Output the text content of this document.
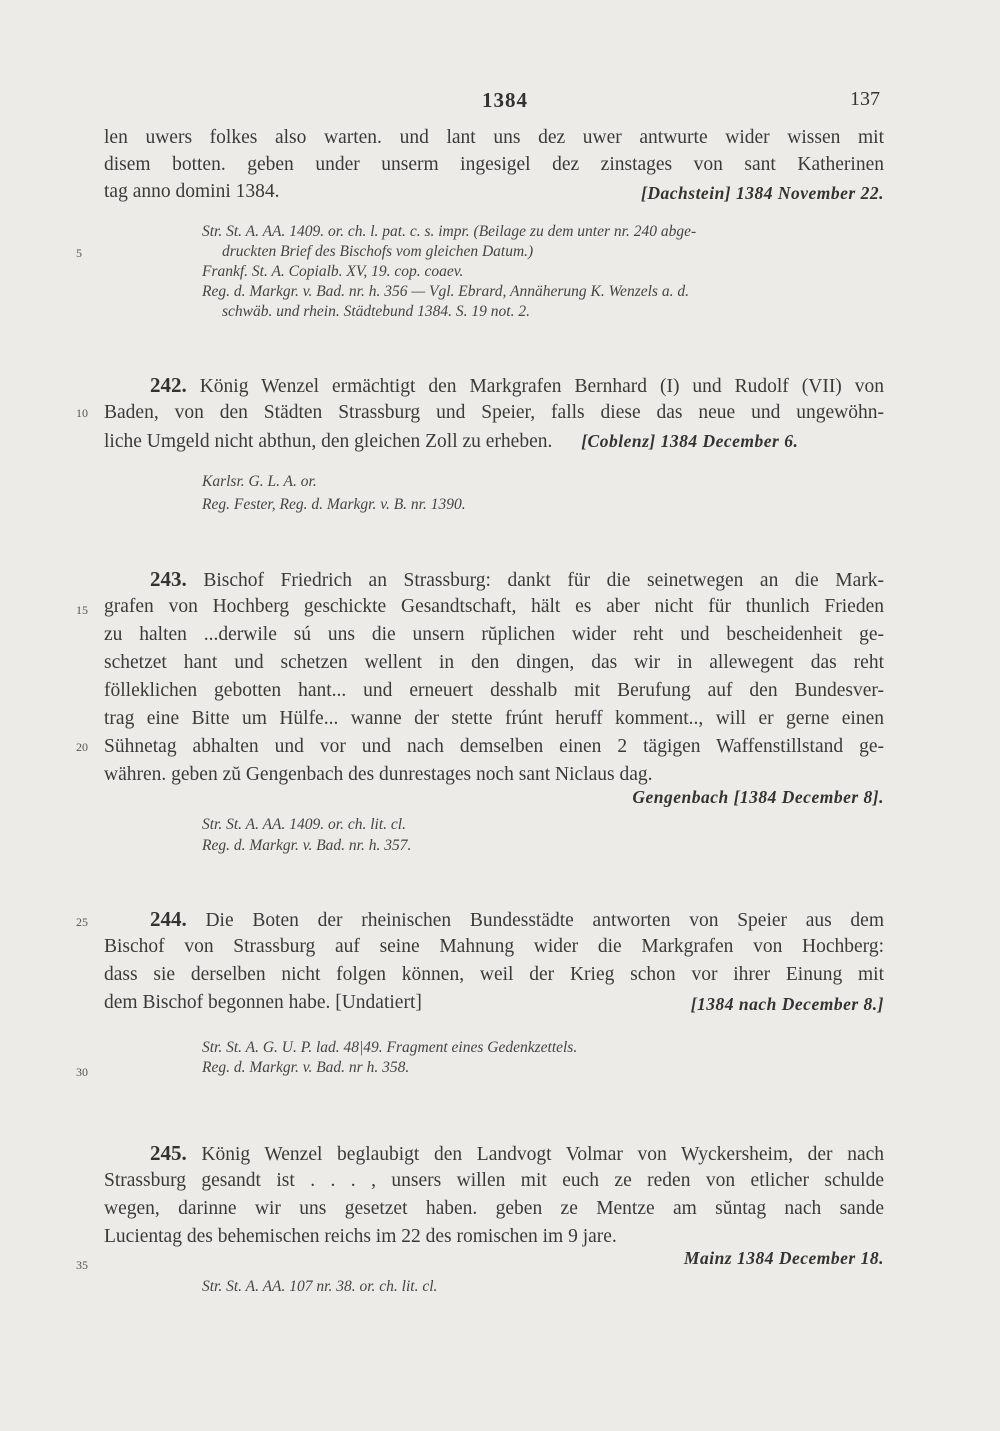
1384	137
5
10
15
20
25
30
35
len uwers folkes also warten. und lant uns dez uwer antwurte wider wissen mit
disem botten. geben under unserm ingesigel dez zinstages von sant Katherinen
tag anno domini 1384.	[Dachstein] 1384 November 22.
Str. St. A. AA. 1409. or. ch. l. pat. c. s. impr. (Beilage zu dem unter nr. 240 abge-
druckten Brief des Bischofs vom gleichen Datum.)
Frankf. St. A. Copialb. XV, 19. cop. coaev.
Reg. d. Markgr. v. Bad. nr. h. 356 — Vgl. Ebrard, Annäherung K. Wenzels a. d.
schwäb. und rhein. Städtebund 1384. S. 19 not. 2.
242. König Wenzel ermächtigt den Markgrafen Bernhard (I) und Rudolf (VII) von
Baden, von den Städten Strassburg und Speier, falls diese das neue und ungewöhn-
liche Umgeld nicht abthun, den gleichen Zoll zu erheben. [Coblenz] 1384 December 6.
Karlsr. G. L. A. or.
Reg. Fester, Reg. d. Markgr. v. B. nr. 1390.
243. Bischof Friedrich an Strassburg: dankt für die seinetwegen an die Mark-
grafen von Hochberg geschickte Gesandtschaft, hält es aber nicht für thunlich Frieden
zu halten ...derwile sú uns die unsern rŭplichen wider reht und bescheidenheit ge-
schetzet hant und schetzen wellent in den dingen, das wir in allewegent das reht
fölleklichen gebotten hant... und erneuert desshalb mit Berufung auf den Bundesver-
trag eine Bitte um Hülfe... wanne der stette frúnt heruff komment.., will er gerne einen
Sühnetag abhalten und vor und nach demselben einen 2 tägigen Waffenstillstand ge-
währen. geben zŭ Gengenbach des dunrestages noch sant Niclaus dag.
Gengenbach [1384 December 8].
Str. St. A. AA. 1409. or. ch. lit. cl.
Reg. d. Markgr. v. Bad. nr. h. 357.
244. Die Boten der rheinischen Bundesstädte antworten von Speier aus dem
Bischof von Strassburg auf seine Mahnung wider die Markgrafen von Hochberg:
dass sie derselben nicht folgen können, weil der Krieg schon vor ihrer Einung mit
dem Bischof begonnen habe. [Undatiert]	[1384 nach December 8.]
Str. St. A. G. U. P. lad. 48|49. Fragment eines Gedenkzettels.
Reg. d. Markgr. v. Bad. nr h. 358.
245. König Wenzel beglaubigt den Landvogt Volmar von Wyckersheim, der nach
Strassburg gesandt ist . . . , unsers willen mit euch ze reden von etlicher schulde
wegen, darinne wir uns gesetzet haben. geben ze Mentze am sŭntag nach sande
Lucientag des behemischen reichs im 22 des romischen im 9 jare.
Mainz 1384 December 18.
Str. St. A. AA. 107 nr. 38. or. ch. lit. cl.
